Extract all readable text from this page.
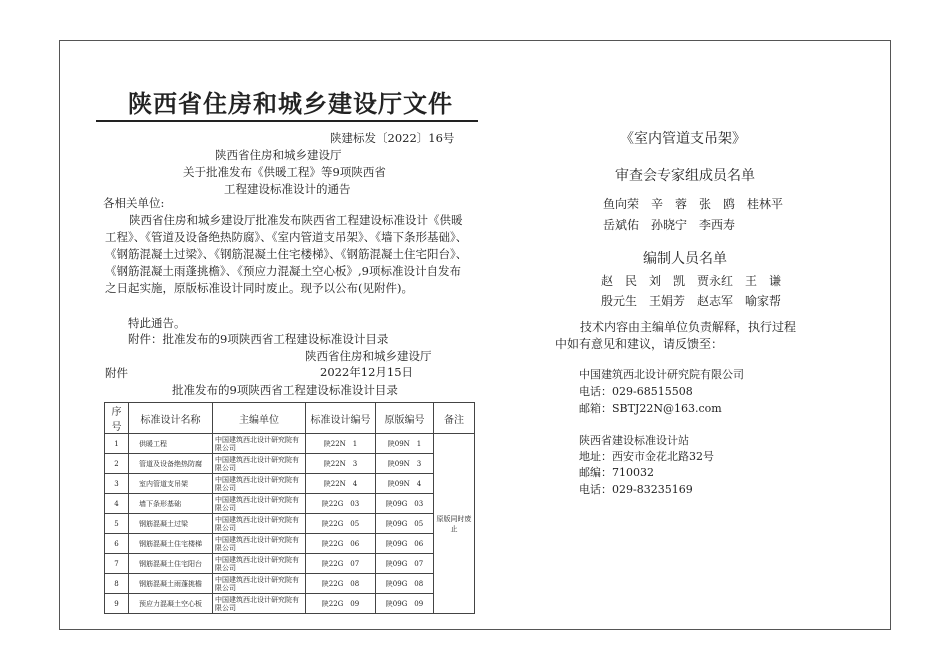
陕西省住房和城乡建设厅文件
陕建标发〔2022〕16号
陕西省住房和城乡建设厅
关于批准发布《供暖工程》等9项陕西省
工程建设标准设计的通告
各相关单位:
陕西省住房和城乡建设厅批准发布陕西省工程建设标准设计《供暖工程》、《管道及设备绝热防腐》、《室内管道支吊架》、《墙下条形基础》、《钢筋混凝土过梁》、《钢筋混凝土住宅楼梯》、《钢筋混凝土住宅阳台》、《钢筋混凝土雨蓬挑檐》、《预应力混凝土空心板》,9项标准设计自发布之日起实施，原版标准设计同时废止。现予以公布(见附件)。
特此通告。
附件：批准发布的9项陕西省工程建设标准设计目录
陕西省住房和城乡建设厅
附件	2022年12月15日
批准发布的9项陕西省工程建设标准设计目录
序号	标准设计名称	主编单位	标准设计编号	原版编号	备注
1	供暖工程	中国建筑西北设计研究院有限公司	陕22N　1	陕09N　1	原版同时废止
2	管道及设备绝热防腐	中国建筑西北设计研究院有限公司	陕22N　3	陕09N　3	
3	室内管道支吊架	中国建筑西北设计研究院有限公司	陕22N　4	陕09N　4	
4	墙下条形基础	中国建筑西北设计研究院有限公司	陕22G　03	陕09G　03	
5	钢筋混凝土过梁	中国建筑西北设计研究院有限公司	陕22G　05	陕09G　05	
6	钢筋混凝土住宅楼梯	中国建筑西北设计研究院有限公司	陕22G　06	陕09G　06	
7	钢筋混凝土住宅阳台	中国建筑西北设计研究院有限公司	陕22G　07	陕09G　07	
8	钢筋混凝土雨蓬挑檐	中国建筑西北设计研究院有限公司	陕22G　08	陕09G　08	
9	预应力混凝土空心板	中国建筑西北设计研究院有限公司	陕22G　09	陕09G　09	
《室内管道支吊架》
审查会专家组成员名单
鱼向荣　辛　蓉　张　鸥　桂林平
岳斌佑　孙晓宁　李西寿
编制人员名单
赵　民　刘　凯　贾永红　王　谦
殷元生　王娟芳　赵志军　喻家帮
技术内容由主编单位负责解释，执行过程
中如有意见和建议，请反馈至：
中国建筑西北设计研究院有限公司
电话：029-68515508
邮箱：SBTJ22N@163.com
陕西省建设标准设计站
地址：西安市金花北路32号
邮编：710032
电话：029-83235169
